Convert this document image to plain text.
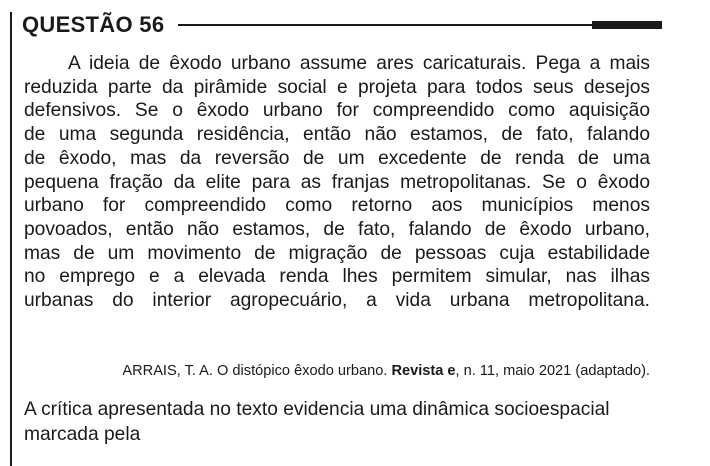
QUESTÃO 56

A ideia de êxodo urbano assume ares caricaturais. Pega a mais
reduzida parte da pirâmide social e projeta para todos seus desejos
defensivos. Se o êxodo urbano for compreendido como aquisição
de uma segunda residência, então não estamos, de fato, falando
de êxodo, mas da reversão de um excedente de renda de uma
pequena fração da elite para as franjas metropolitanas. Se o êxodo
urbano for compreendido como retorno aos municípios menos
povoados, então não estamos, de fato, falando de êxodo urbano,
mas de um movimento de migração de pessoas cuja estabilidade
no emprego e a elevada renda lhes permitem simular, nas ilhas
urbanas do interior agropecuário, a vida urbana metropolitana.

ARRAIS, T. A. O distópico êxodo urbano. Revista e, n. 11, maio 2021 (adaptado).

A crítica apresentada no texto evidencia uma dinâmica socioespacial
marcada pela
